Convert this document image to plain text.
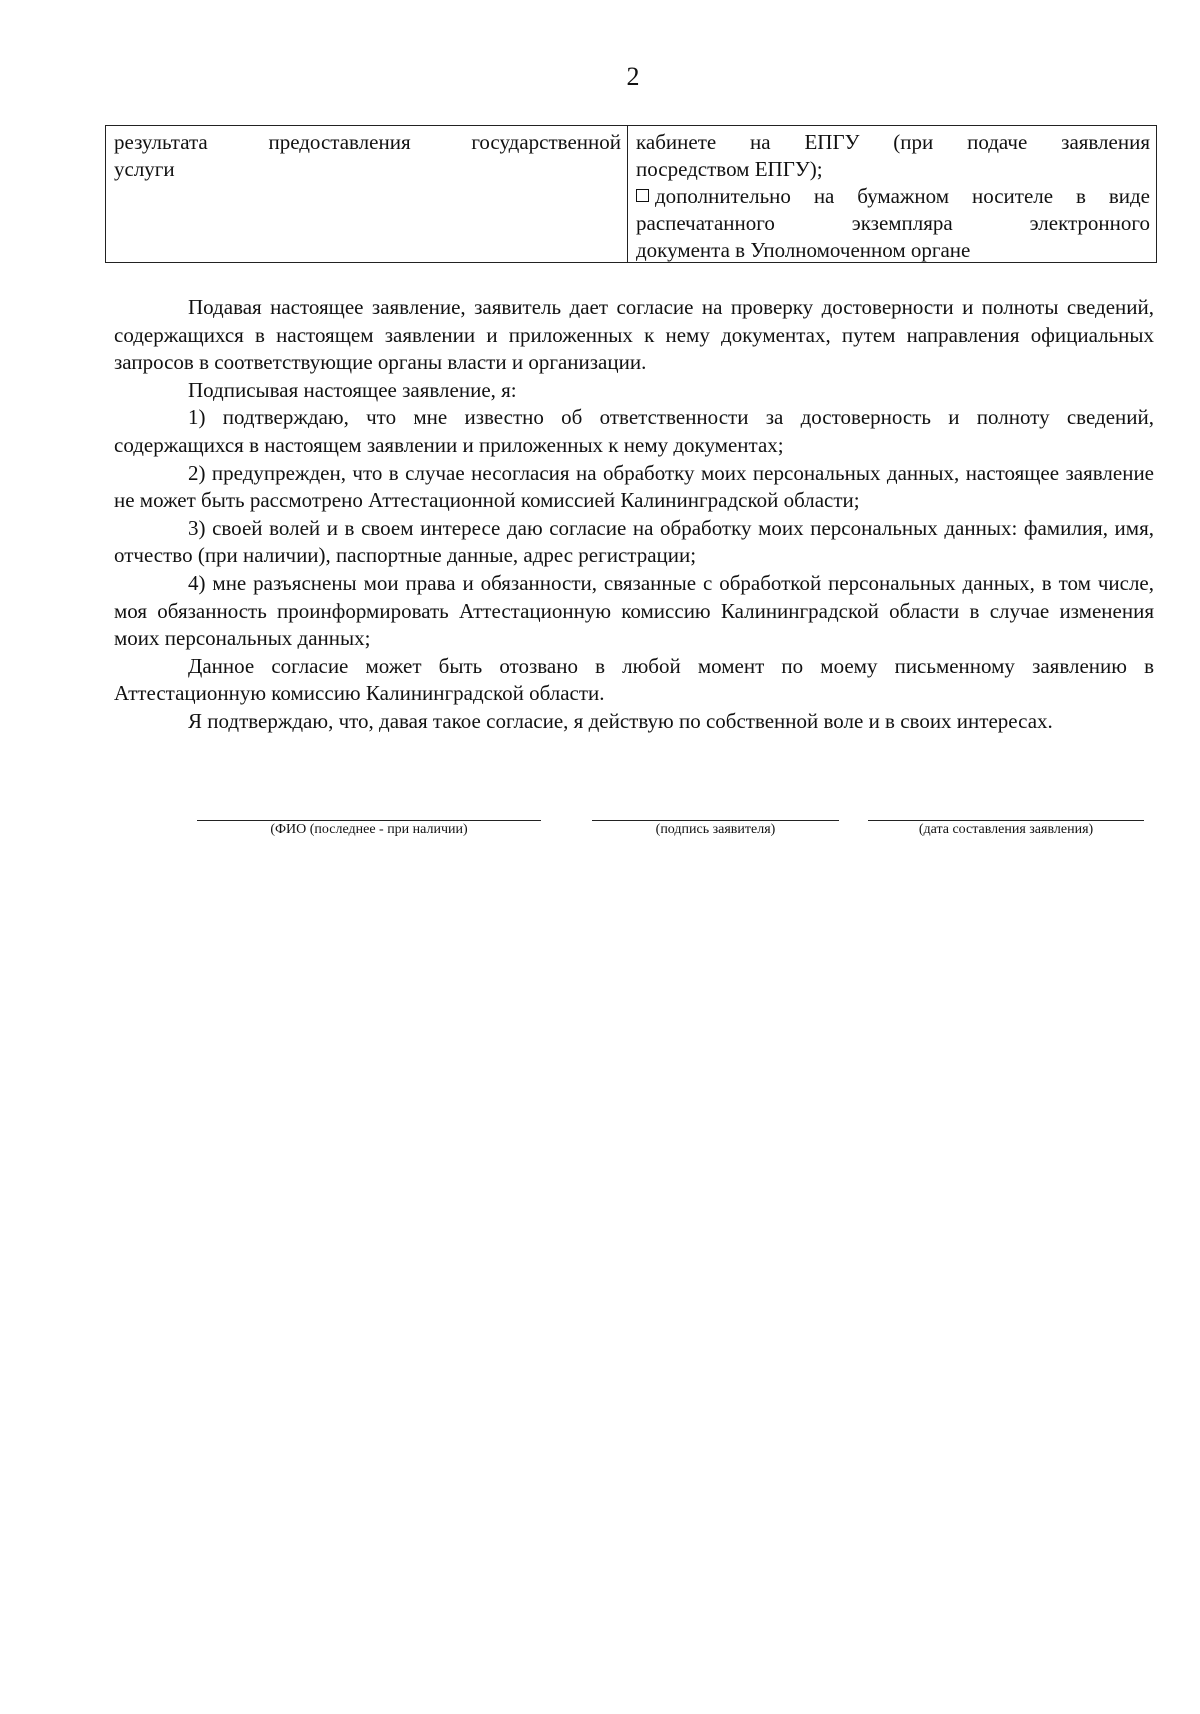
2
результата предоставления государственной
услуги
кабинете на ЕПГУ (при подаче заявления
посредством ЕПГУ);
дополнительно на бумажном носителе в виде
распечатанного экземпляра электронного
документа в Уполномоченном органе

Подавая настоящее заявление, заявитель дает согласие на проверку достоверности и полноты сведений, содержащихся в настоящем заявлении и приложенных к нему документах, путем направления официальных запросов в соответствующие органы власти и организации.

Подписывая настоящее заявление, я:

1) подтверждаю, что мне известно об ответственности за достоверность и полноту сведений, содержащихся в настоящем заявлении и приложенных к нему документах;

2) предупрежден, что в случае несогласия на обработку моих персональных данных, настоящее заявление не может быть рассмотрено Аттестационной комиссией Калининградской области;

3) своей волей и в своем интересе даю согласие на обработку моих персональных данных: фамилия, имя, отчество (при наличии), паспортные данные, адрес регистрации;

4) мне разъяснены мои права и обязанности, связанные с обработкой персональных данных, в том числе, моя обязанность проинформировать Аттестационную комиссию Калининградской области в случае изменения моих персональных данных;

Данное согласие может быть отозвано в любой момент по моему письменному заявлению в Аттестационную комиссию Калининградской области.

Я подтверждаю, что, давая такое согласие, я действую по собственной воле и в своих интересах.

(ФИО (последнее - при наличии)	(подпись заявителя)	(дата составления заявления)
